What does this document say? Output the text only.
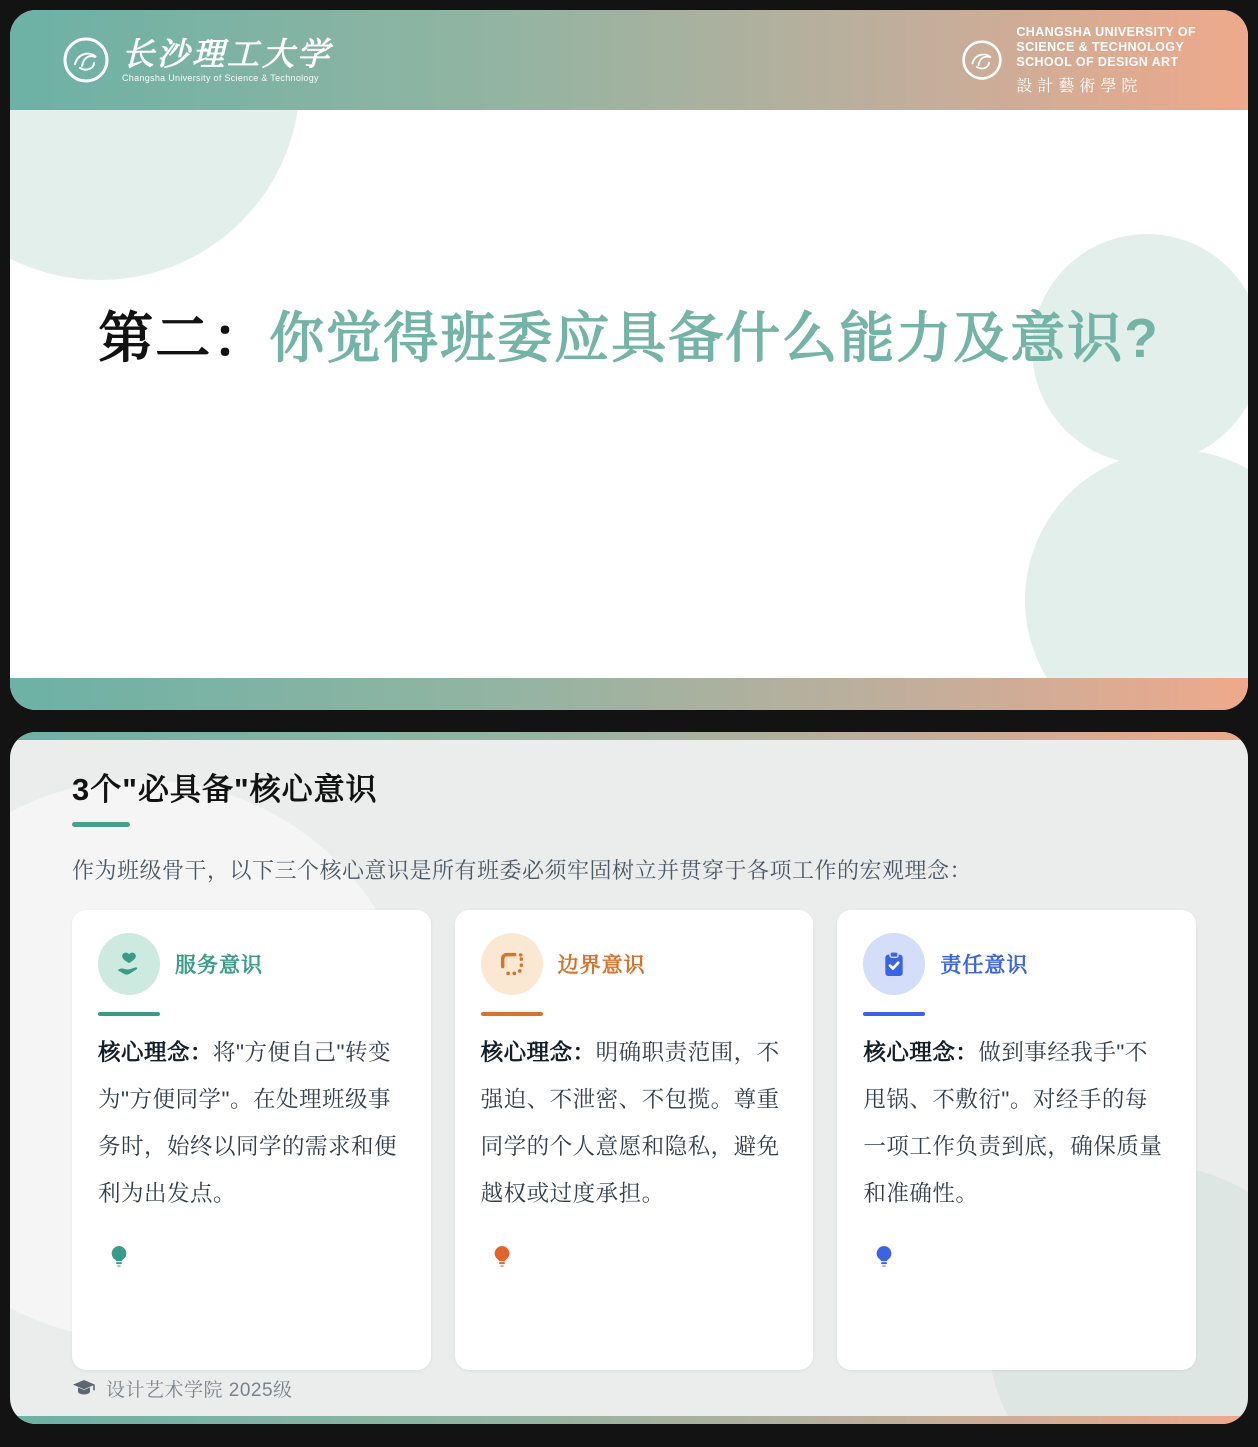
长沙理工大学
Changsha University of Science & Technology
CHANGSHA UNIVERSITY OF
SCIENCE & TECHNOLOGY
SCHOOL OF DESIGN ART
設計藝術學院
第二：你觉得班委应具备什么能力及意识?
3个"必具备"核心意识

作为班级骨干，以下三个核心意识是所有班委必须牢固树立并贯穿于各项工作的宏观理念：

服务意识

核心理念：将"方便自己"转变为"方便同学"。在处理班级事务时，始终以同学的需求和便利为出发点。

边界意识

核心理念：明确职责范围，不强迫、不泄密、不包揽。尊重同学的个人意愿和隐私，避免越权或过度承担。

责任意识

核心理念：做到事经我手"不甩锅、不敷衍"。对经手的每一项工作负责到底，确保质量和准确性。

设计艺术学院 2025级
